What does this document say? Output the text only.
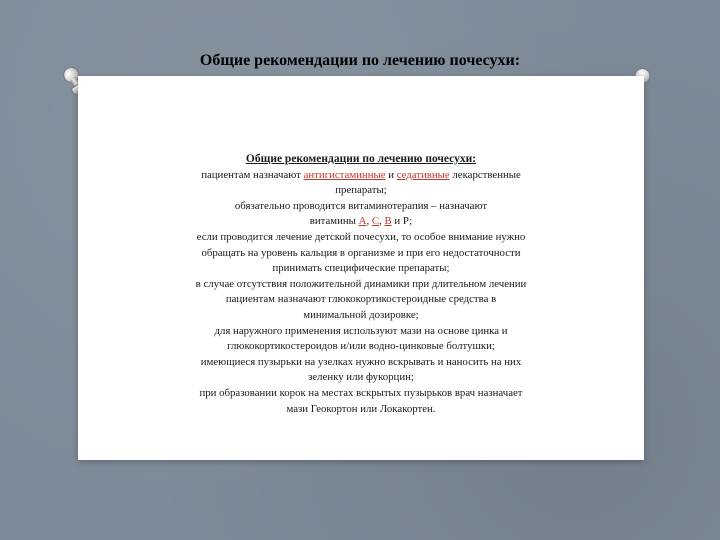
Общие рекомендации по лечению почесухи:
Общие рекомендации по лечению почесухи:
пациентам назначают антигистаминные и седативные лекарственные
препараты;
обязательно проводится витаминотерапия – назначают
витамины А, С, В и Р;
если проводится лечение детской почесухи, то особое внимание нужно
обращать на уровень кальция в организме и при его недостаточности
принимать специфические препараты;
в случае отсутствия положительной динамики при длительном лечении
пациентам назначают глюкокортикостероидные средства в
минимальной дозировке;
для наружного применения используют мази на основе цинка и
глюкокортикостероидов и/или водно-цинковые болтушки;
имеющиеся пузырьки на узелках нужно вскрывать и наносить на них
зеленку или фукорцин;
при образовании корок на местах вскрытых пузырьков врач назначает
мази Геокортон или Локакортен.
